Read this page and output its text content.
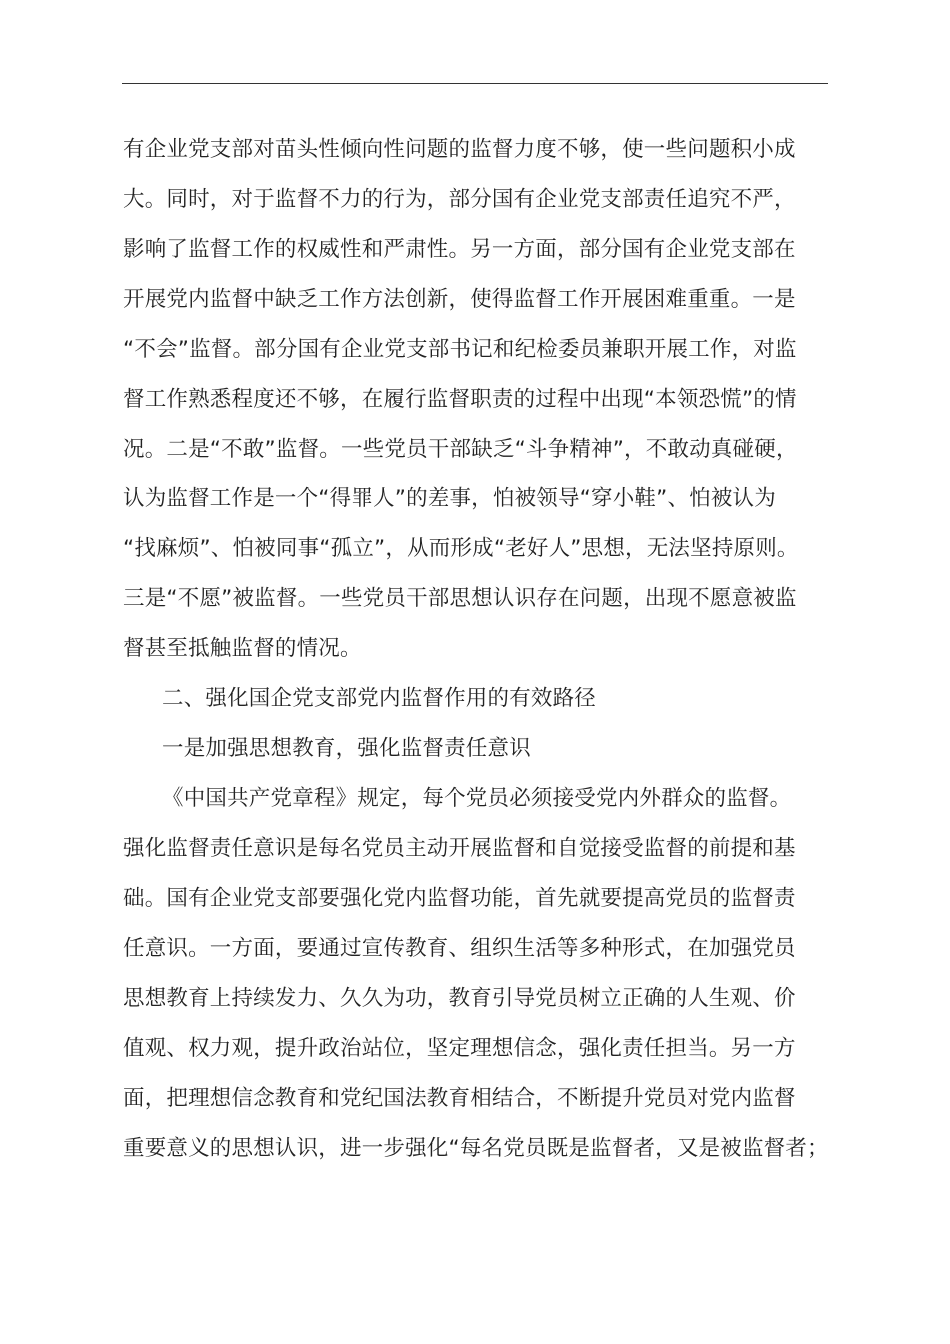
有企业党支部对苗头性倾向性问题的监督力度不够，使一些问题积小成
大。同时，对于监督不力的行为，部分国有企业党支部责任追究不严，
影响了监督工作的权威性和严肃性。另一方面，部分国有企业党支部在
开展党内监督中缺乏工作方法创新，使得监督工作开展困难重重。一是
“不会”监督。部分国有企业党支部书记和纪检委员兼职开展工作，对监
督工作熟悉程度还不够，在履行监督职责的过程中出现“本领恐慌”的情
况。二是“不敢”监督。一些党员干部缺乏“斗争精神”，不敢动真碰硬，
认为监督工作是一个“得罪人”的差事，怕被领导“穿小鞋”、怕被认为
“找麻烦”、怕被同事“孤立”，从而形成“老好人”思想，无法坚持原则。
三是“不愿”被监督。一些党员干部思想认识存在问题，出现不愿意被监
督甚至抵触监督的情况。
二、强化国企党支部党内监督作用的有效路径
一是加强思想教育，强化监督责任意识
《中国共产党章程》规定，每个党员必须接受党内外群众的监督。
强化监督责任意识是每名党员主动开展监督和自觉接受监督的前提和基
础。国有企业党支部要强化党内监督功能，首先就要提高党员的监督责
任意识。一方面，要通过宣传教育、组织生活等多种形式，在加强党员
思想教育上持续发力、久久为功，教育引导党员树立正确的人生观、价
值观、权力观，提升政治站位，坚定理想信念，强化责任担当。另一方
面，把理想信念教育和党纪国法教育相结合，不断提升党员对党内监督
重要意义的思想认识，进一步强化“每名党员既是监督者，又是被监督者；
